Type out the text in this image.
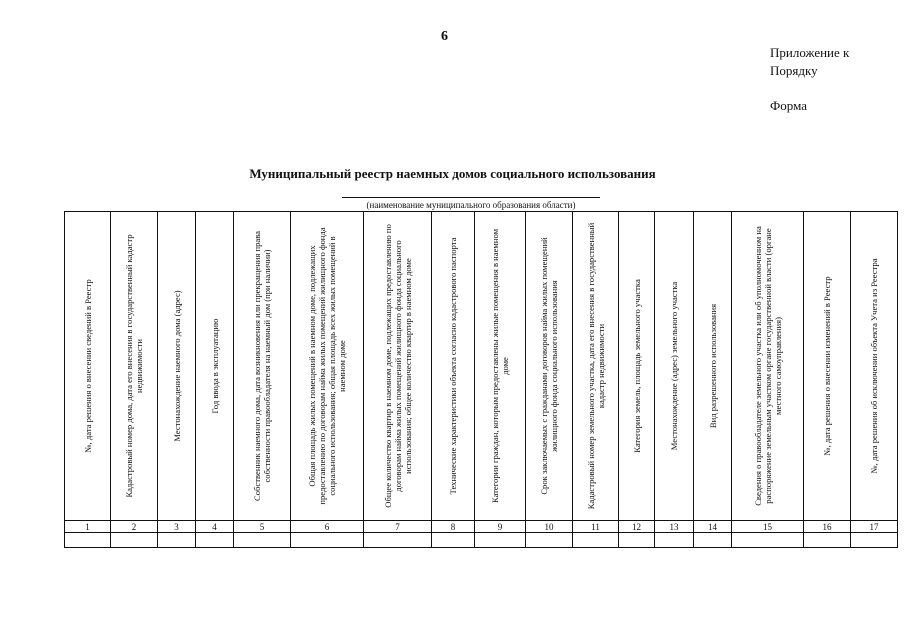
6
Приложение к
Порядку
Форма
Муниципальный реестр наемных домов социального использования
(наименование муниципального образования области)
№, дата решения о внесении сведений в Реестр	Кадастровый номер дома, дата его внесения в государственный кадастр недвижимости	Местонахождение наемного дома (адрес)	Год ввода в эксплуатацию	Собственник наемного дома, дата возникновения или прекращения права собственности правообладателя на наемный дом (при наличии)	Общая площадь жилых помещений в наемном доме, подлежащих предоставлению по договорам найма жилых помещений жилищного фонда социального использования; общая площадь всех жилых помещений в наемном доме	Общее количество квартир в наемном доме, подлежащих предоставлению по договорам найма жилых помещений жилищного фонда социального использования; общее количество квартир в наемном доме	Технические характеристики объекта согласно кадастрового паспорта	Категории граждан, которым предоставлены жилые помещения в наемном доме	Срок заключаемых с гражданами договоров найма жилых помещений жилищного фонда социального использования	Кадастровый номер земельного участка, дата его внесения в государственный кадастр недвижимости	Категория земель, площадь земельного участка	Местонахождение (адрес) земельного участка	Вид разрешенного использования	Сведения о правообладателе земельного участка или об уполномоченном на распоряжение земельным участком органе государственной власти (органе местного самоуправления)	№, дата решения о внесении изменений в Реестр	№, дата решения об исключении объекта Учета из Реестра

1	2	3	4	5	6	7	8	9	10	11	12	13	14	15	16	17
